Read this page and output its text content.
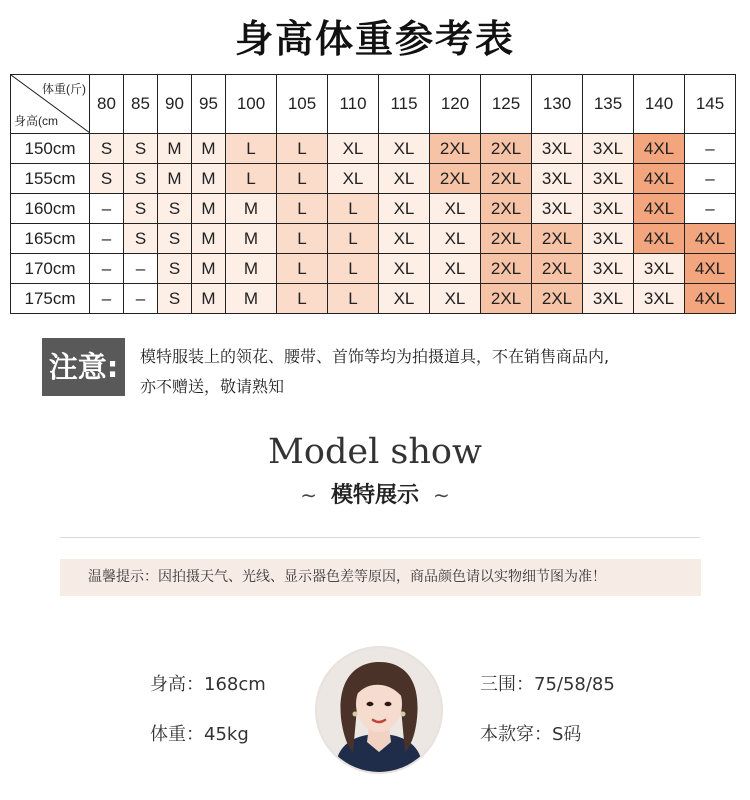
身高体重参考表
体重(斤)
身高(cm	80	85	90	95	100	105	110	115	120	125	130	135	140	145
150cm	S	S	M	M	L	L	XL	XL	2XL	2XL	3XL	3XL	4XL	–
155cm	S	S	M	M	L	L	XL	XL	2XL	2XL	3XL	3XL	4XL	–
160cm	–	S	S	M	M	L	L	XL	XL	2XL	3XL	3XL	4XL	–
165cm	–	S	S	M	M	L	L	XL	XL	2XL	2XL	3XL	4XL	4XL
170cm	–	–	S	M	M	L	L	XL	XL	2XL	2XL	3XL	3XL	4XL
175cm	–	–	S	M	M	L	L	XL	XL	2XL	2XL	3XL	3XL	4XL
注意:	模特服装上的领花、腰带、首饰等均为拍摄道具，不在销售商品内,
亦不赠送，敬请熟知
Model show
∼ 模特展示 ∼
温馨提示：因拍摄天气、光线、显示器色差等原因，商品颜色请以实物细节图为准！
身高：168cm
体重：45kg
三围：75/58/85
本款穿：S码
